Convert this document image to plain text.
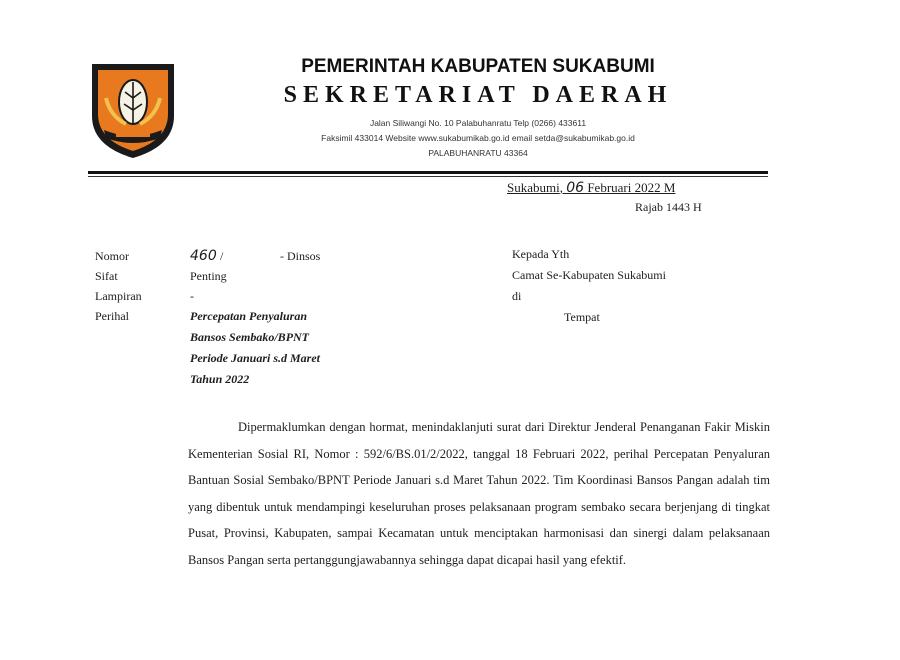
PEMERINTAH KABUPATEN SUKABUMI
SEKRETARIAT DAERAH
Jalan Siliwangi No. 10 Palabuhanratu Telp (0266) 433611
Faksimil 433014 Website www.sukabumikab.go.id email setda@sukabumikab.go.id
PALABUHANRATU 43364
Sukabumi, 06 Februari 2022 M
Rajab 1443 H
Nomor	460 /	- Dinsos
Sifat	Penting
Lampiran	-
Perihal	Percepatan Penyaluran
Bansos Sembako/BPNT
Periode Januari s.d Maret
Tahun 2022
Kepada Yth
Camat Se-Kabupaten Sukabumi
di
Tempat

Dipermaklumkan dengan hormat, menindaklanjuti surat dari Direktur Jenderal Penanganan Fakir Miskin Kementerian Sosial RI, Nomor : 592/6/BS.01/2/2022, tanggal 18 Februari 2022, perihal Percepatan Penyaluran Bantuan Sosial Sembako/BPNT Periode Januari s.d Maret Tahun 2022. Tim Koordinasi Bansos Pangan adalah tim yang dibentuk untuk mendampingi keseluruhan proses pelaksanaan program sembako secara berjenjang di tingkat Pusat, Provinsi, Kabupaten, sampai Kecamatan untuk menciptakan harmonisasi dan sinergi dalam pelaksanaan Bansos Pangan serta pertanggungjawabannya sehingga dapat dicapai hasil yang efektif.
